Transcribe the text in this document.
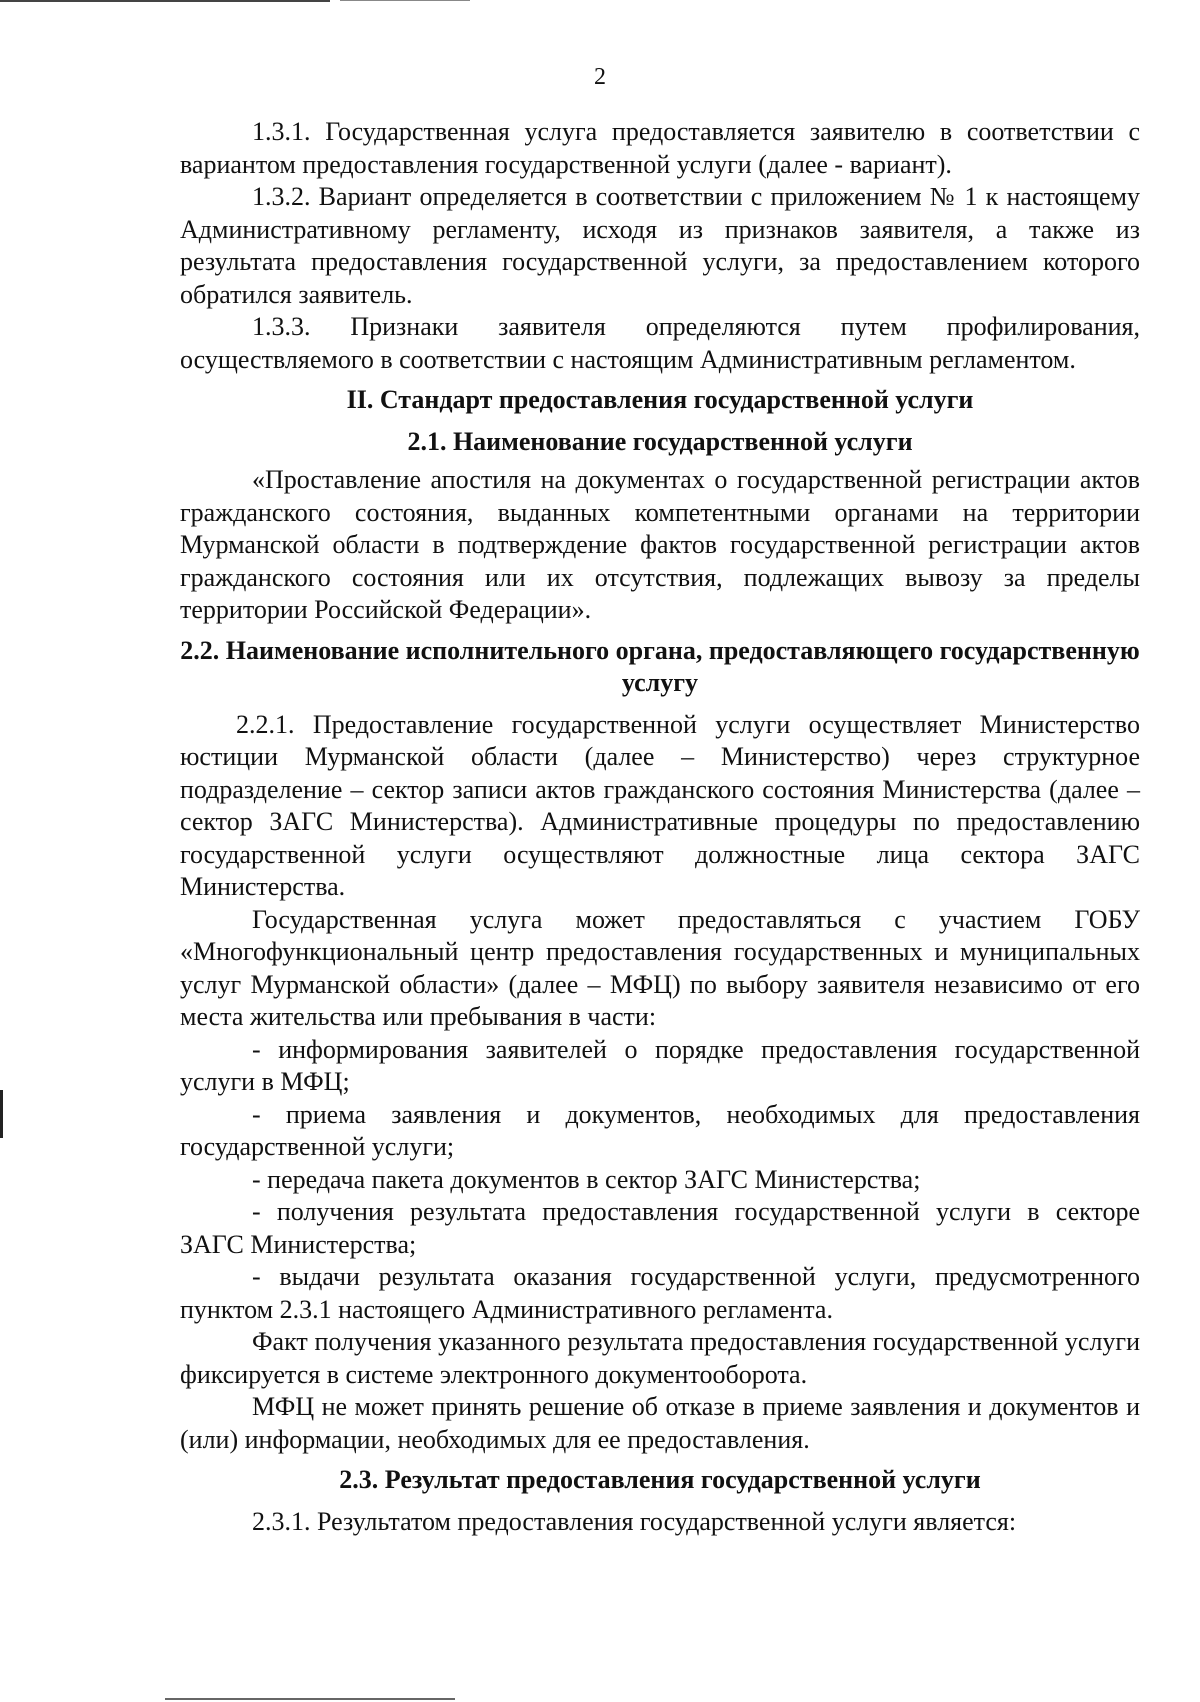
2

1.3.1. Государственная услуга предоставляется заявителю в соответствии с вариантом предоставления государственной услуги (далее - вариант).

1.3.2. Вариант определяется в соответствии с приложением № 1 к настоящему Административному регламенту, исходя из признаков заявителя, а также из результата предоставления государственной услуги, за предоставлением которого обратился заявитель.

1.3.3. Признаки заявителя определяются путем профилирования, осуществляемого в соответствии с настоящим Административным регламентом.

II. Стандарт предоставления государственной услуги
2.1. Наименование государственной услуги

«Проставление апостиля на документах о государственной регистрации актов гражданского состояния, выданных компетентными органами на территории Мурманской области в подтверждение фактов государственной регистрации актов гражданского состояния или их отсутствия, подлежащих вывозу за пределы территории Российской Федерации».

2.2. Наименование исполнительного органа, предоставляющего государственную услугу

2.2.1. Предоставление государственной услуги осуществляет Министерство юстиции Мурманской области (далее – Министерство) через структурное подразделение – сектор записи актов гражданского состояния Министерства (далее – сектор ЗАГС Министерства). Административные процедуры по предоставлению государственной услуги осуществляют должностные лица сектора ЗАГС Министерства.

Государственная услуга может предоставляться с участием ГОБУ «Многофункциональный центр предоставления государственных и муниципальных услуг Мурманской области» (далее – МФЦ) по выбору заявителя независимо от его места жительства или пребывания в части:

- информирования заявителей о порядке предоставления государственной услуги в МФЦ;

- приема заявления и документов, необходимых для предоставления государственной услуги;

- передача пакета документов в сектор ЗАГС Министерства;

- получения результата предоставления государственной услуги в секторе ЗАГС Министерства;

- выдачи результата оказания государственной услуги, предусмотренного пунктом 2.3.1 настоящего Административного регламента.

Факт получения указанного результата предоставления государственной услуги фиксируется в системе электронного документооборота.

МФЦ не может принять решение об отказе в приеме заявления и документов и (или) информации, необходимых для ее предоставления.

2.3. Результат предоставления государственной услуги

2.3.1. Результатом предоставления государственной услуги является:
